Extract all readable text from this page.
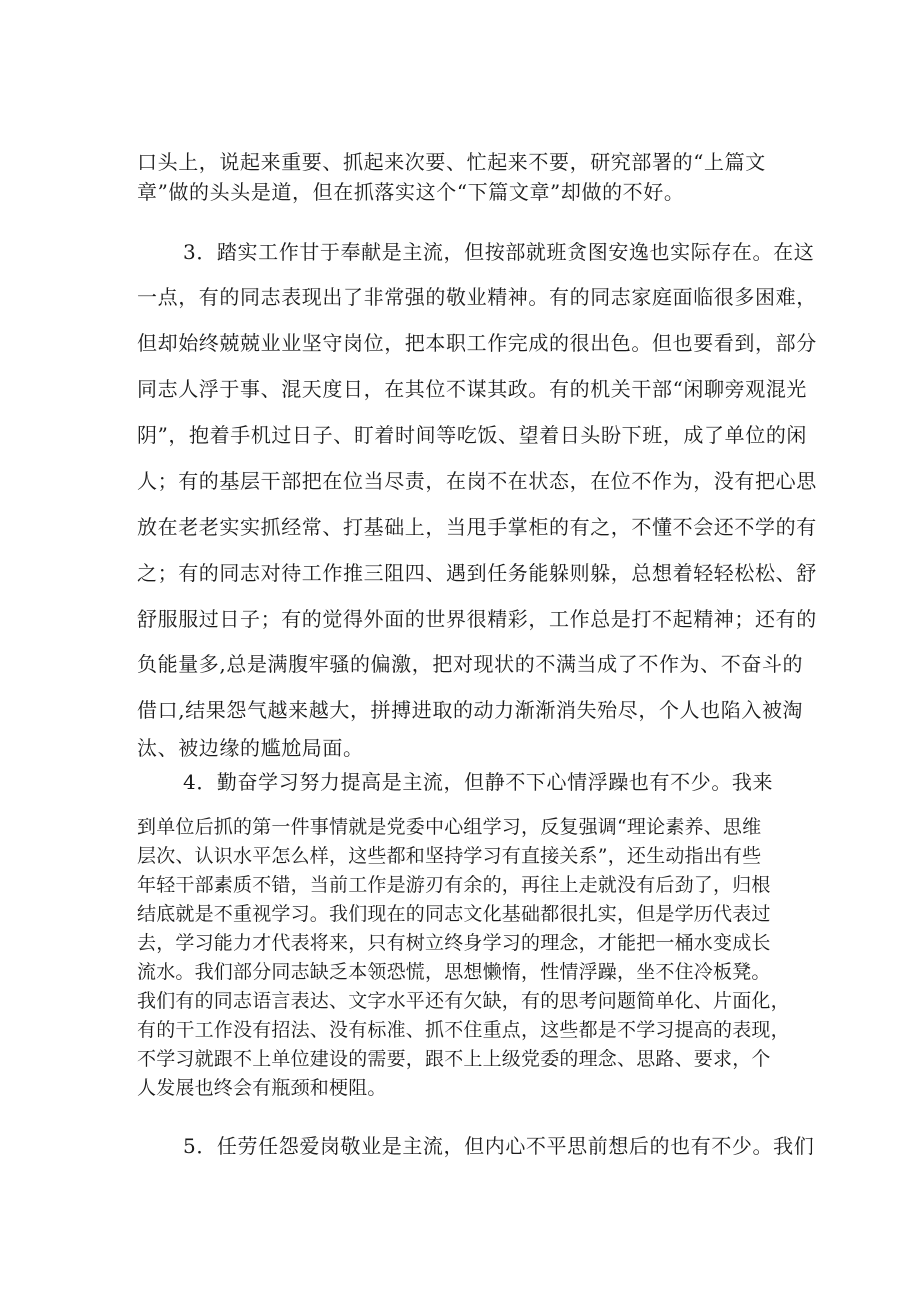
口头上，说起来重要、抓起来次要、忙起来不要，研究部署的“上篇文
章”做的头头是道，但在抓落实这个“下篇文章”却做的不好。
3．踏实工作甘于奉献是主流，但按部就班贪图安逸也实际存在。在这
一点，有的同志表现出了非常强的敬业精神。有的同志家庭面临很多困难，
但却始终兢兢业业坚守岗位，把本职工作完成的很出色。但也要看到，部分
同志人浮于事、混天度日，在其位不谋其政。有的机关干部“闲聊旁观混光
阴”，抱着手机过日子、盯着时间等吃饭、望着日头盼下班，成了单位的闲
人；有的基层干部把在位当尽责，在岗不在状态，在位不作为，没有把心思
放在老老实实抓经常、打基础上，当甩手掌柜的有之，不懂不会还不学的有
之；有的同志对待工作推三阻四、遇到任务能躲则躲，总想着轻轻松松、舒
舒服服过日子；有的觉得外面的世界很精彩，工作总是打不起精神；还有的
负能量多,总是满腹牢骚的偏激，把对现状的不满当成了不作为、不奋斗的
借口,结果怨气越来越大，拼搏进取的动力渐渐消失殆尽，个人也陷入被淘
汰、被边缘的尴尬局面。
4．勤奋学习努力提高是主流，但静不下心情浮躁也有不少。我来
到单位后抓的第一件事情就是党委中心组学习，反复强调“理论素养、思维
层次、认识水平怎么样，这些都和坚持学习有直接关系”，还生动指出有些
年轻干部素质不错，当前工作是游刃有余的，再往上走就没有后劲了，归根
结底就是不重视学习。我们现在的同志文化基础都很扎实，但是学历代表过
去，学习能力才代表将来，只有树立终身学习的理念，才能把一桶水变成长
流水。我们部分同志缺乏本领恐慌，思想懒惰，性情浮躁，坐不住冷板凳。
我们有的同志语言表达、文字水平还有欠缺，有的思考问题简单化、片面化，
有的干工作没有招法、没有标准、抓不住重点，这些都是不学习提高的表现，
不学习就跟不上单位建设的需要，跟不上上级党委的理念、思路、要求，个
人发展也终会有瓶颈和梗阻。
5．任劳任怨爱岗敬业是主流，但内心不平思前想后的也有不少。我们
